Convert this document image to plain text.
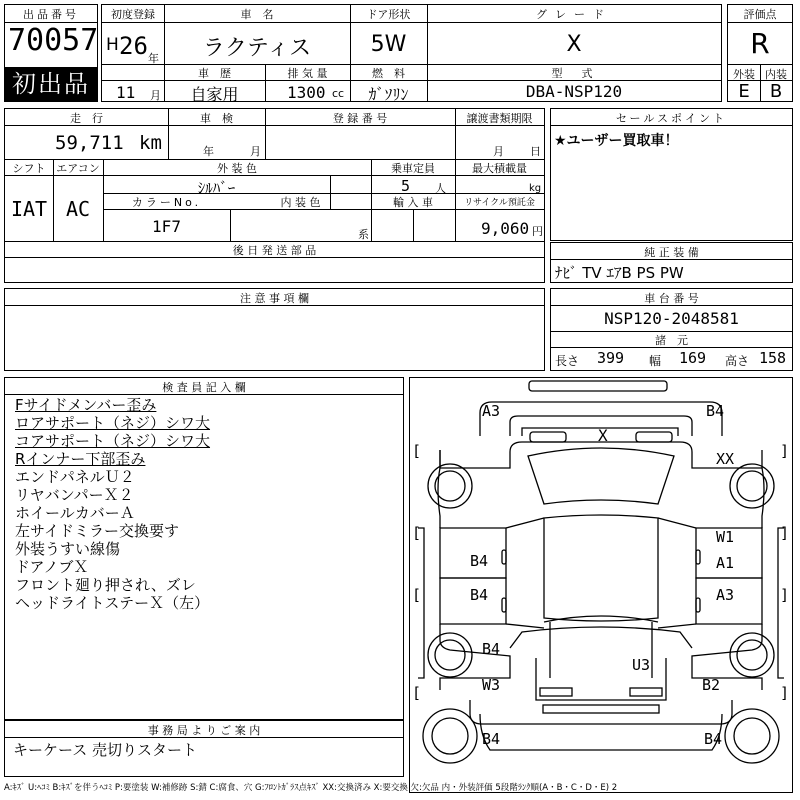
出品番号
70057
初出品
初度登録	車　名	ドア形状	グレード
H 26 年	ラクティス	5W	X
車　歴	排 気 量	燃　料	型　式
11 月	自家用	1300 cc	ｶﾞｿﾘﾝ	DBA-NSP120
評価点
R
外装 内装
E	B
走　行	車　検	登 録 番 号	譲渡書類期限
59,711 km	年	月	月 日
シフト エアコン	外 装 色	乗車定員	最大積載量
IAT AC
ｼﾙﾊﾞｰ	5 人	kg
カラーNo.	内 装 色	輸 入 車	リサイクル預託金
1F7	系	9,060 円
後 日 発 送 部 品
セールスポイント
★ユーザー買取車！
純 正 装 備
ﾅﾋﾞ TV ｴｱB PS PW
注 意 事 項 欄	車 台 番 号
NSP120-2048581
諸　元
長さ 399 幅 169 高さ 158
検 査 員 記 入 欄
Fサイドメンバー歪み
ロアサポート（ネジ）シワ大
コアサポート（ネジ）シワ大
Rインナー下部歪み
エンドパネルＵ２
リヤバンパーＸ２
ホイールカバーＡ
左サイドミラー交換要す
外装うすい線傷
ドアノブＸ
フロント廻り押され、ズレ
ヘッドライトステーＸ（左）
A3	B4
X
XX
W1
A1
B4
B4	A3
B4
U3
W3	B2
B4	B4
[	]
[	]
[	]
[	]
事 務 局 よ り ご 案 内
キーケース 売切りスタート
A:ｷｽﾞ U:ﾍｺﾐ B:ｷｽﾞを伴うﾍｺﾐ P:要塗装 W:補修跡 S:錆 C:腐食、穴 G:ﾌﾛﾝﾄｶﾞﾗｽ点ｷｽﾞ XX:交換済み X:要交換 欠:欠品 内・外装評価 5段階ﾗﾝｸ順(A・B・C・D・E) 2
